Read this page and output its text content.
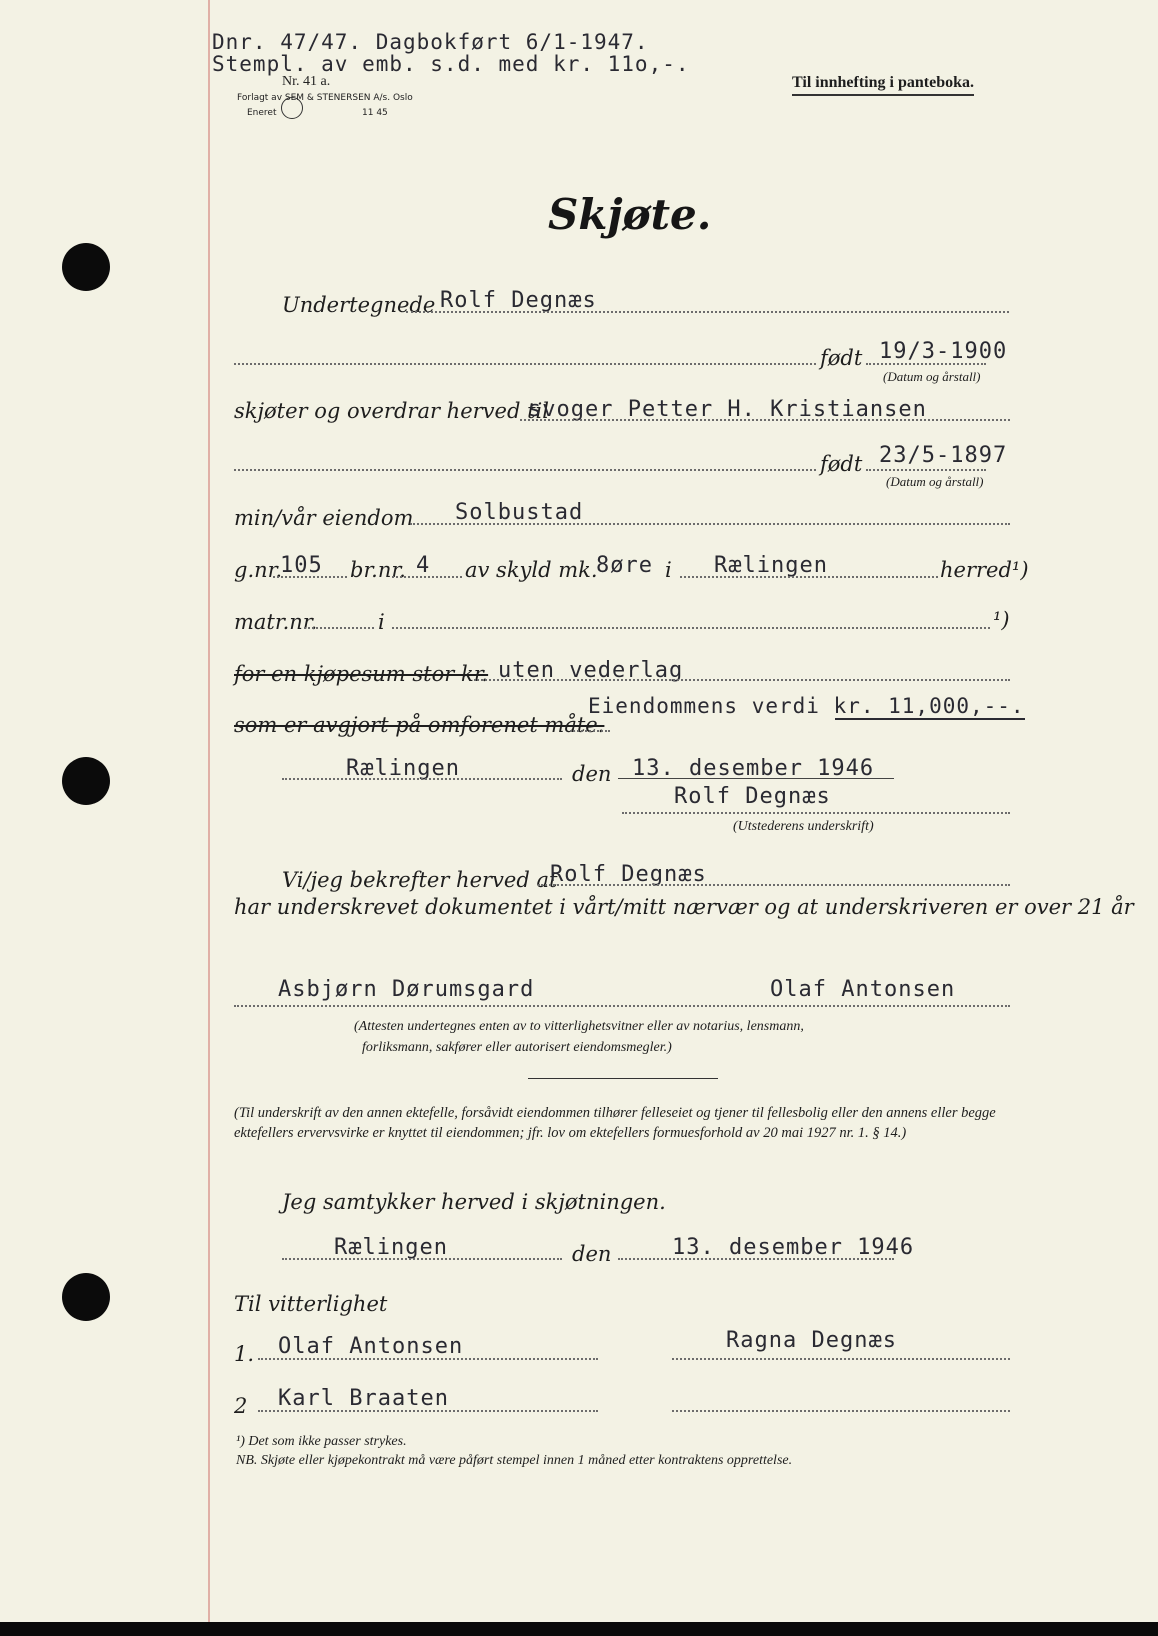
Dnr. 47/47. Dagbokført 6/1-1947.
Stempl. av emb. s.d. med kr. 11o,-.
Nr. 41 a.
Forlagt av SEM & STENERSEN A/s. Oslo
Eneret	11 45
Til innhefting i panteboka.
Skjøte.
Undertegnede Rolf Degnæs
født 19/3-1900
(Datum og årstall)
skjøter og overdrar herved til
svoger Petter H. Kristiansen
født 23/5-1897
(Datum og årstall)
min/vår eiendom Solbustad
g.nr.
105 br.nr. 4 av skyld mk.
8øre i Rælingen	herred¹)
matr.nr.	i	¹)
for en kjøpesum stor kr. uten vederlag
Eiendommens verdi kr. 11,000,--.
som er avgjort på omforenet måte.
Rælingen	den 13. desember 1946
Rolf Degnæs
(Utstederens underskrift)
Vi/jeg bekrefter herved at
Rolf Degnæs
har underskrevet dokumentet i vårt/mitt nærvær og at underskriveren er over 21 år
Asbjørn Dørumsgard	Olaf Antonsen
(Attesten undertegnes enten av to vitterlighetsvitner eller av notarius, lensmann,
forliksmann, sakfører eller autorisert eiendomsmegler.)
(Til underskrift av den annen ektefelle, forsåvidt eiendommen tilhører felleseiet og tjener til fellesbolig eller den annens eller begge ektefellers ervervsvirke er knyttet til eiendommen; jfr. lov om ektefellers formuesforhold av 20 mai 1927 nr. 1. § 14.)
Jeg samtykker herved i skjøtningen.
Rælingen	den	13. desember 1946
Til vitterlighet
1. Olaf Antonsen	Ragna Degnæs
2 Karl Braaten
¹) Det som ikke passer strykes.
NB. Skjøte eller kjøpekontrakt må være påført stempel innen 1 måned etter kontraktens opprettelse.
